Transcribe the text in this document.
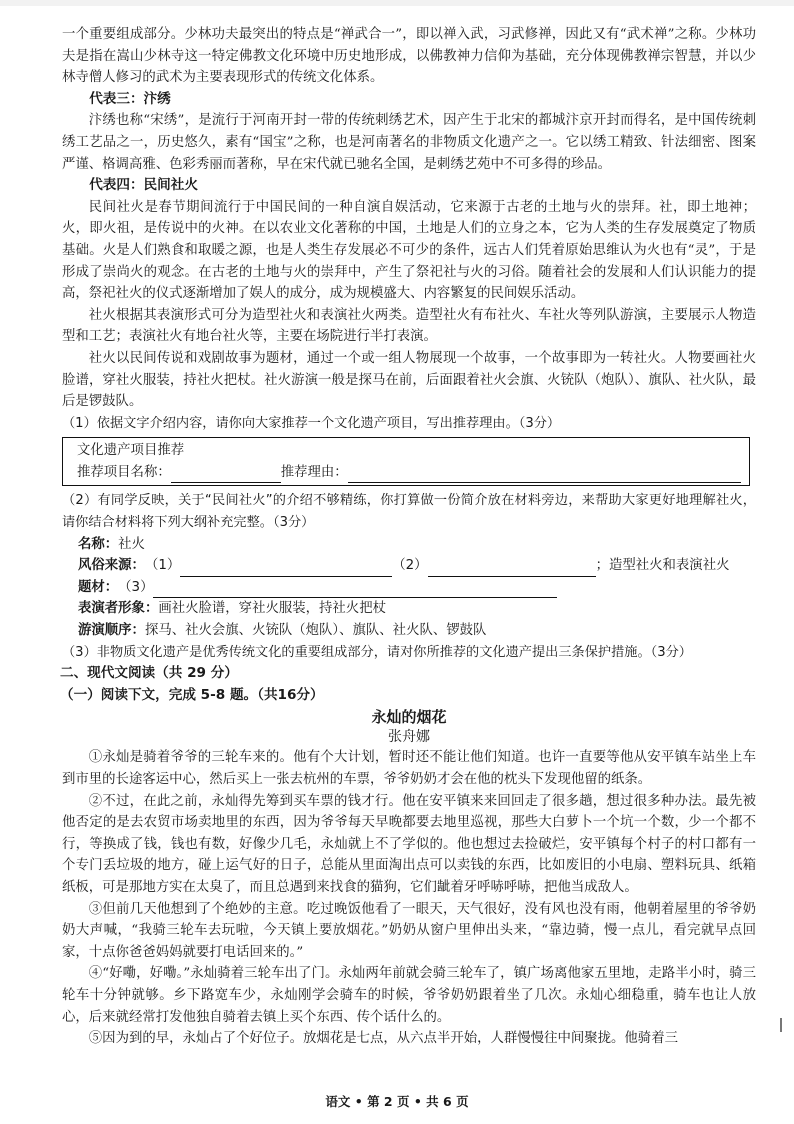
一个重要组成部分。少林功夫最突出的特点是“禅武合一”，即以禅入武，习武修禅，因此又有“武术禅”之称。少林功夫是指在嵩山少林寺这一特定佛教文化环境中历史地形成，以佛教神力信仰为基础，充分体现佛教禅宗智慧，并以少林寺僧人修习的武术为主要表现形式的传统文化体系。

代表三：汴绣

汴绣也称“宋绣”，是流行于河南开封一带的传统刺绣艺术，因产生于北宋的都城汴京开封而得名，是中国传统刺绣工艺品之一，历史悠久，素有“国宝”之称，也是河南著名的非物质文化遗产之一。它以绣工精致、针法细密、图案严谨、格调高雅、色彩秀丽而著称，早在宋代就已驰名全国，是刺绣艺苑中不可多得的珍品。

代表四：民间社火

民间社火是春节期间流行于中国民间的一种自演自娱活动，它来源于古老的土地与火的崇拜。社，即土地神；火，即火祖，是传说中的火神。在以农业文化著称的中国，土地是人们的立身之本，它为人类的生存发展奠定了物质基础。火是人们熟食和取暖之源，也是人类生存发展必不可少的条件，远古人们凭着原始思维认为火也有“灵”，于是形成了崇尚火的观念。在古老的土地与火的崇拜中，产生了祭祀社与火的习俗。随着社会的发展和人们认识能力的提高，祭祀社火的仪式逐渐增加了娱人的成分，成为规模盛大、内容繁复的民间娱乐活动。

社火根据其表演形式可分为造型社火和表演社火两类。造型社火有布社火、车社火等列队游演，主要展示人物造型和工艺；表演社火有地台社火等，主要在场院进行半打表演。

社火以民间传说和戏剧故事为题材，通过一个或一组人物展现一个故事，一个故事即为一转社火。人物要画社火脸谱，穿社火服装，持社火把杖。社火游演一般是探马在前，后面跟着社火会旗、火铳队（炮队）、旗队、社火队，最后是锣鼓队。

（1）依据文字介绍内容，请你向大家推荐一个文化遗产项目，写出推荐理由。（3分）

文化遗产项目推荐

推荐项目名称：	推荐理由：

（2）有同学反映，关于“民间社火”的介绍不够精练，你打算做一份简介放在材料旁边，来帮助大家更好地理解社火，请你结合材料将下列大纲补充完整。（3分）

名称：社火

风俗来源： （1）	（2）	；造型社火和表演社火

题材： （3）

表演者形象：画社火脸谱，穿社火服装，持社火把杖

游演顺序：探马、社火会旗、火铳队（炮队）、旗队、社火队、锣鼓队

（3）非物质文化遗产是优秀传统文化的重要组成部分，请对你所推荐的文化遗产提出三条保护措施。（3分）

二、现代文阅读（共 29 分）

（一）阅读下文，完成 5-8 题。（共16分）

永灿的烟花

张舟娜

①永灿是骑着爷爷的三轮车来的。他有个大计划，暂时还不能让他们知道。也许一直要等他从安平镇车站坐上车到市里的长途客运中心，然后买上一张去杭州的车票，爷爷奶奶才会在他的枕头下发现他留的纸条。

②不过，在此之前，永灿得先筹到买车票的钱才行。他在安平镇来来回回走了很多趟，想过很多种办法。最先被他否定的是去农贸市场卖地里的东西，因为爷爷每天早晚都要去地里巡视，那些大白萝卜一个坑一个数，少一个都不行，等换成了钱，钱也有数，好像少几毛，永灿就上不了学似的。他也想过去捡破烂，安平镇每个村子的村口都有一个专门丢垃圾的地方，碰上运气好的日子，总能从里面淘出点可以卖钱的东西，比如废旧的小电扇、塑料玩具、纸箱纸板，可是那地方实在太臭了，而且总遇到来找食的猫狗，它们龇着牙呼哧呼哧，把他当成敌人。

③但前几天他想到了个绝妙的主意。吃过晚饭他看了一眼天，天气很好，没有风也没有雨，他朝着屋里的爷爷奶奶大声喊，“我骑三轮车去玩啦，今天镇上要放烟花。”奶奶从窗户里伸出头来，“靠边骑，慢一点儿，看完就早点回家，十点你爸爸妈妈就要打电话回来的。”

④“好嘞，好嘞。”永灿骑着三轮车出了门。永灿两年前就会骑三轮车了，镇广场离他家五里地，走路半小时，骑三轮车十分钟就够。乡下路宽车少，永灿刚学会骑车的时候，爷爷奶奶跟着坐了几次。永灿心细稳重，骑车也让人放心，后来就经常打发他独自骑着去镇上买个东西、传个话什么的。

⑤因为到的早，永灿占了个好位子。放烟花是七点，从六点半开始，人群慢慢往中间聚拢。他骑着三

语文 • 第 2 页 • 共 6 页
